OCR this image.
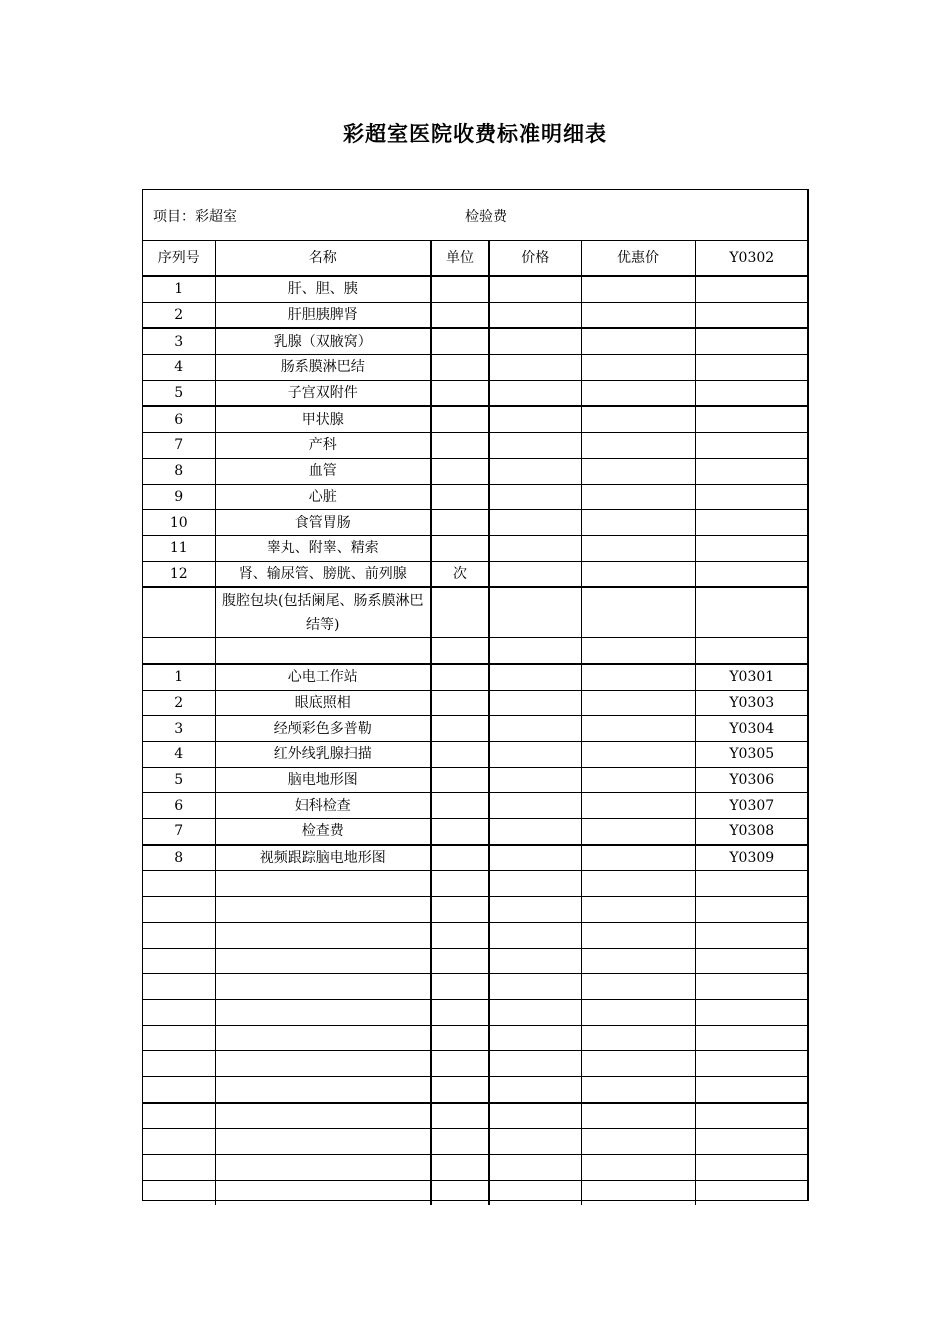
彩超室医院收费标准明细表
项目：彩超室	检验费
序列号	名称	单位	价格	优惠价	Y0302
1	肝、胆、胰				
2	肝胆胰脾肾				
3	乳腺（双腋窝）				
4	肠系膜淋巴结				
5	子宫双附件				
6	甲状腺				
7	产科				
8	血管				
9	心脏				
10	食管胃肠				
11	睾丸、附睾、精索				
12	肾、输尿管、膀胱、前列腺	次			
	腹腔包块(包括阑尾、肠系膜淋巴结等)				

1	心电工作站				Y0301
2	眼底照相				Y0303
3	经颅彩色多普勒				Y0304
4	红外线乳腺扫描				Y0305
5	脑电地形图				Y0306
6	妇科检查				Y0307
7	检查费				Y0308
8	视频跟踪脑电地形图				Y0309
